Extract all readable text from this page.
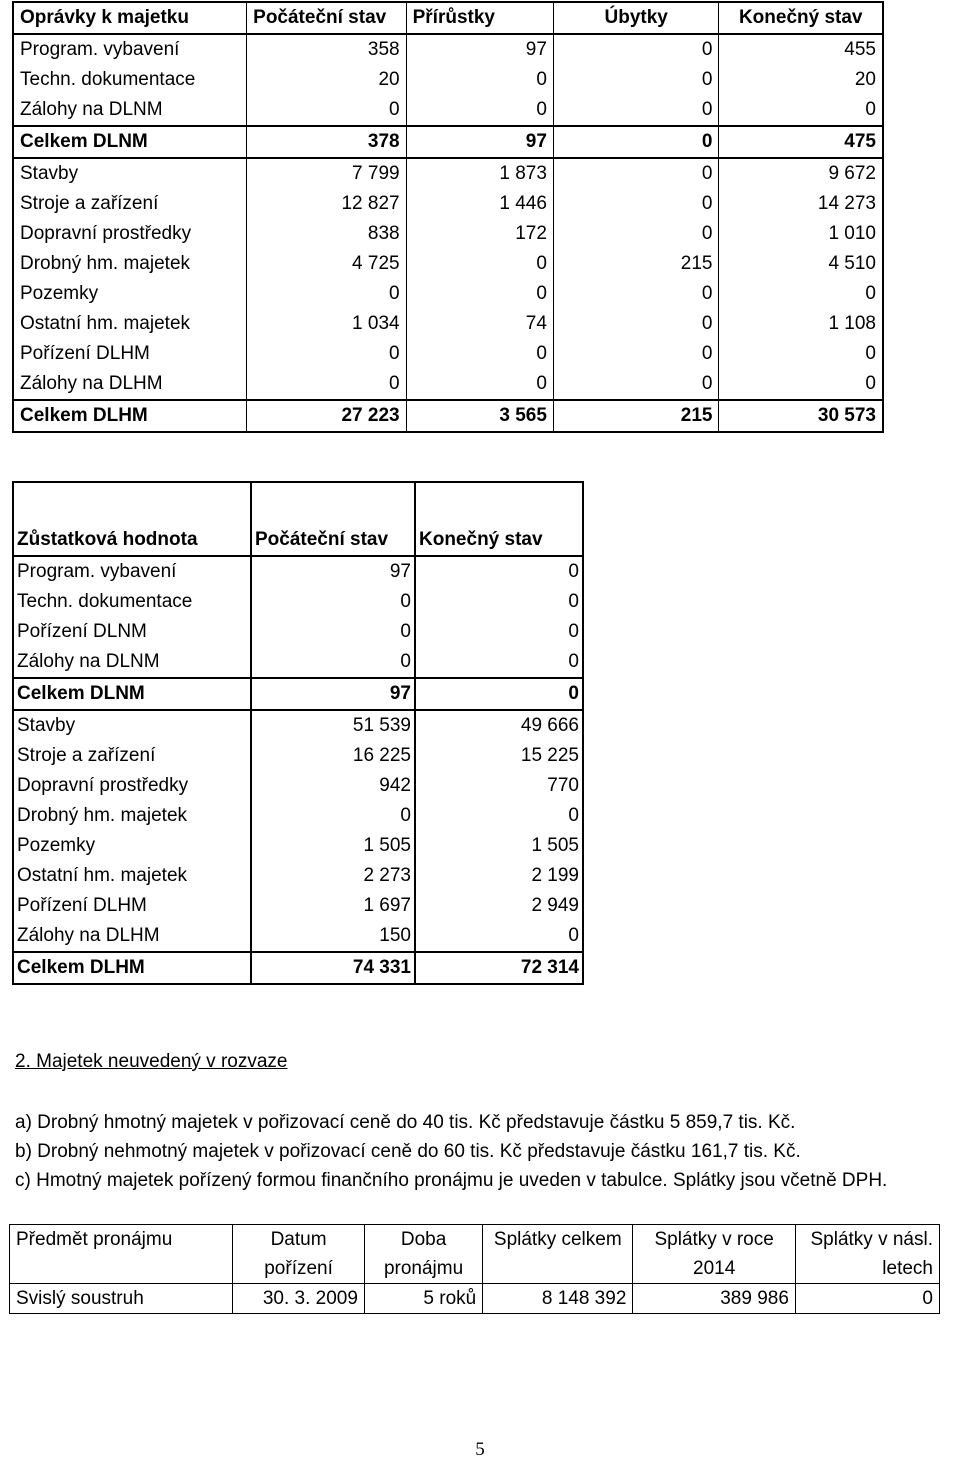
Oprávky k majetku	Počáteční stav	Přírůstky	Úbytky	Konečný stav
Program. vybavení	358	97	0	455
Techn. dokumentace	20	0	0	20
Zálohy na DLNM	0	0	0	0
Celkem DLNM	378	97	0	475
Stavby	7 799	1 873	0	9 672
Stroje a zařízení	12 827	1 446	0	14 273
Dopravní prostředky	838	172	0	1 010
Drobný hm. majetek	4 725	0	215	4 510
Pozemky	0	0	0	0
Ostatní hm. majetek	1 034	74	0	1 108
Pořízení DLHM	0	0	0	0
Zálohy na DLHM	0	0	0	0
Celkem DLHM	27 223	3 565	215	30 573
Zůstatková hodnota	Počáteční stav	Konečný stav
Program. vybavení	97	0
Techn. dokumentace	0	0
Pořízení DLNM	0	0
Zálohy na DLNM	0	0
Celkem DLNM	97	0
Stavby	51 539	49 666
Stroje a zařízení	16 225	15 225
Dopravní prostředky	942	770
Drobný hm. majetek	0	0
Pozemky	1 505	1 505
Ostatní hm. majetek	2 273	2 199
Pořízení DLHM	1 697	2 949
Zálohy na DLHM	150	0
Celkem DLHM	74 331	72 314
2. Majetek neuvedený v rozvaze
a) Drobný hmotný majetek v pořizovací ceně do 40 tis. Kč představuje částku 5 859,7 tis. Kč.
b) Drobný nehmotný majetek v pořizovací ceně do 60 tis. Kč představuje částku 161,7 tis. Kč.
c) Hmotný majetek pořízený formou finančního pronájmu je uveden v tabulce. Splátky jsou včetně DPH.
Předmět pronájmu	Datum pořízení	Doba pronájmu	Splátky celkem	Splátky v roce 2014	Splátky v násl. letech
Svislý soustruh	30. 3. 2009	5 roků	8 148 392	389 986	0
5
